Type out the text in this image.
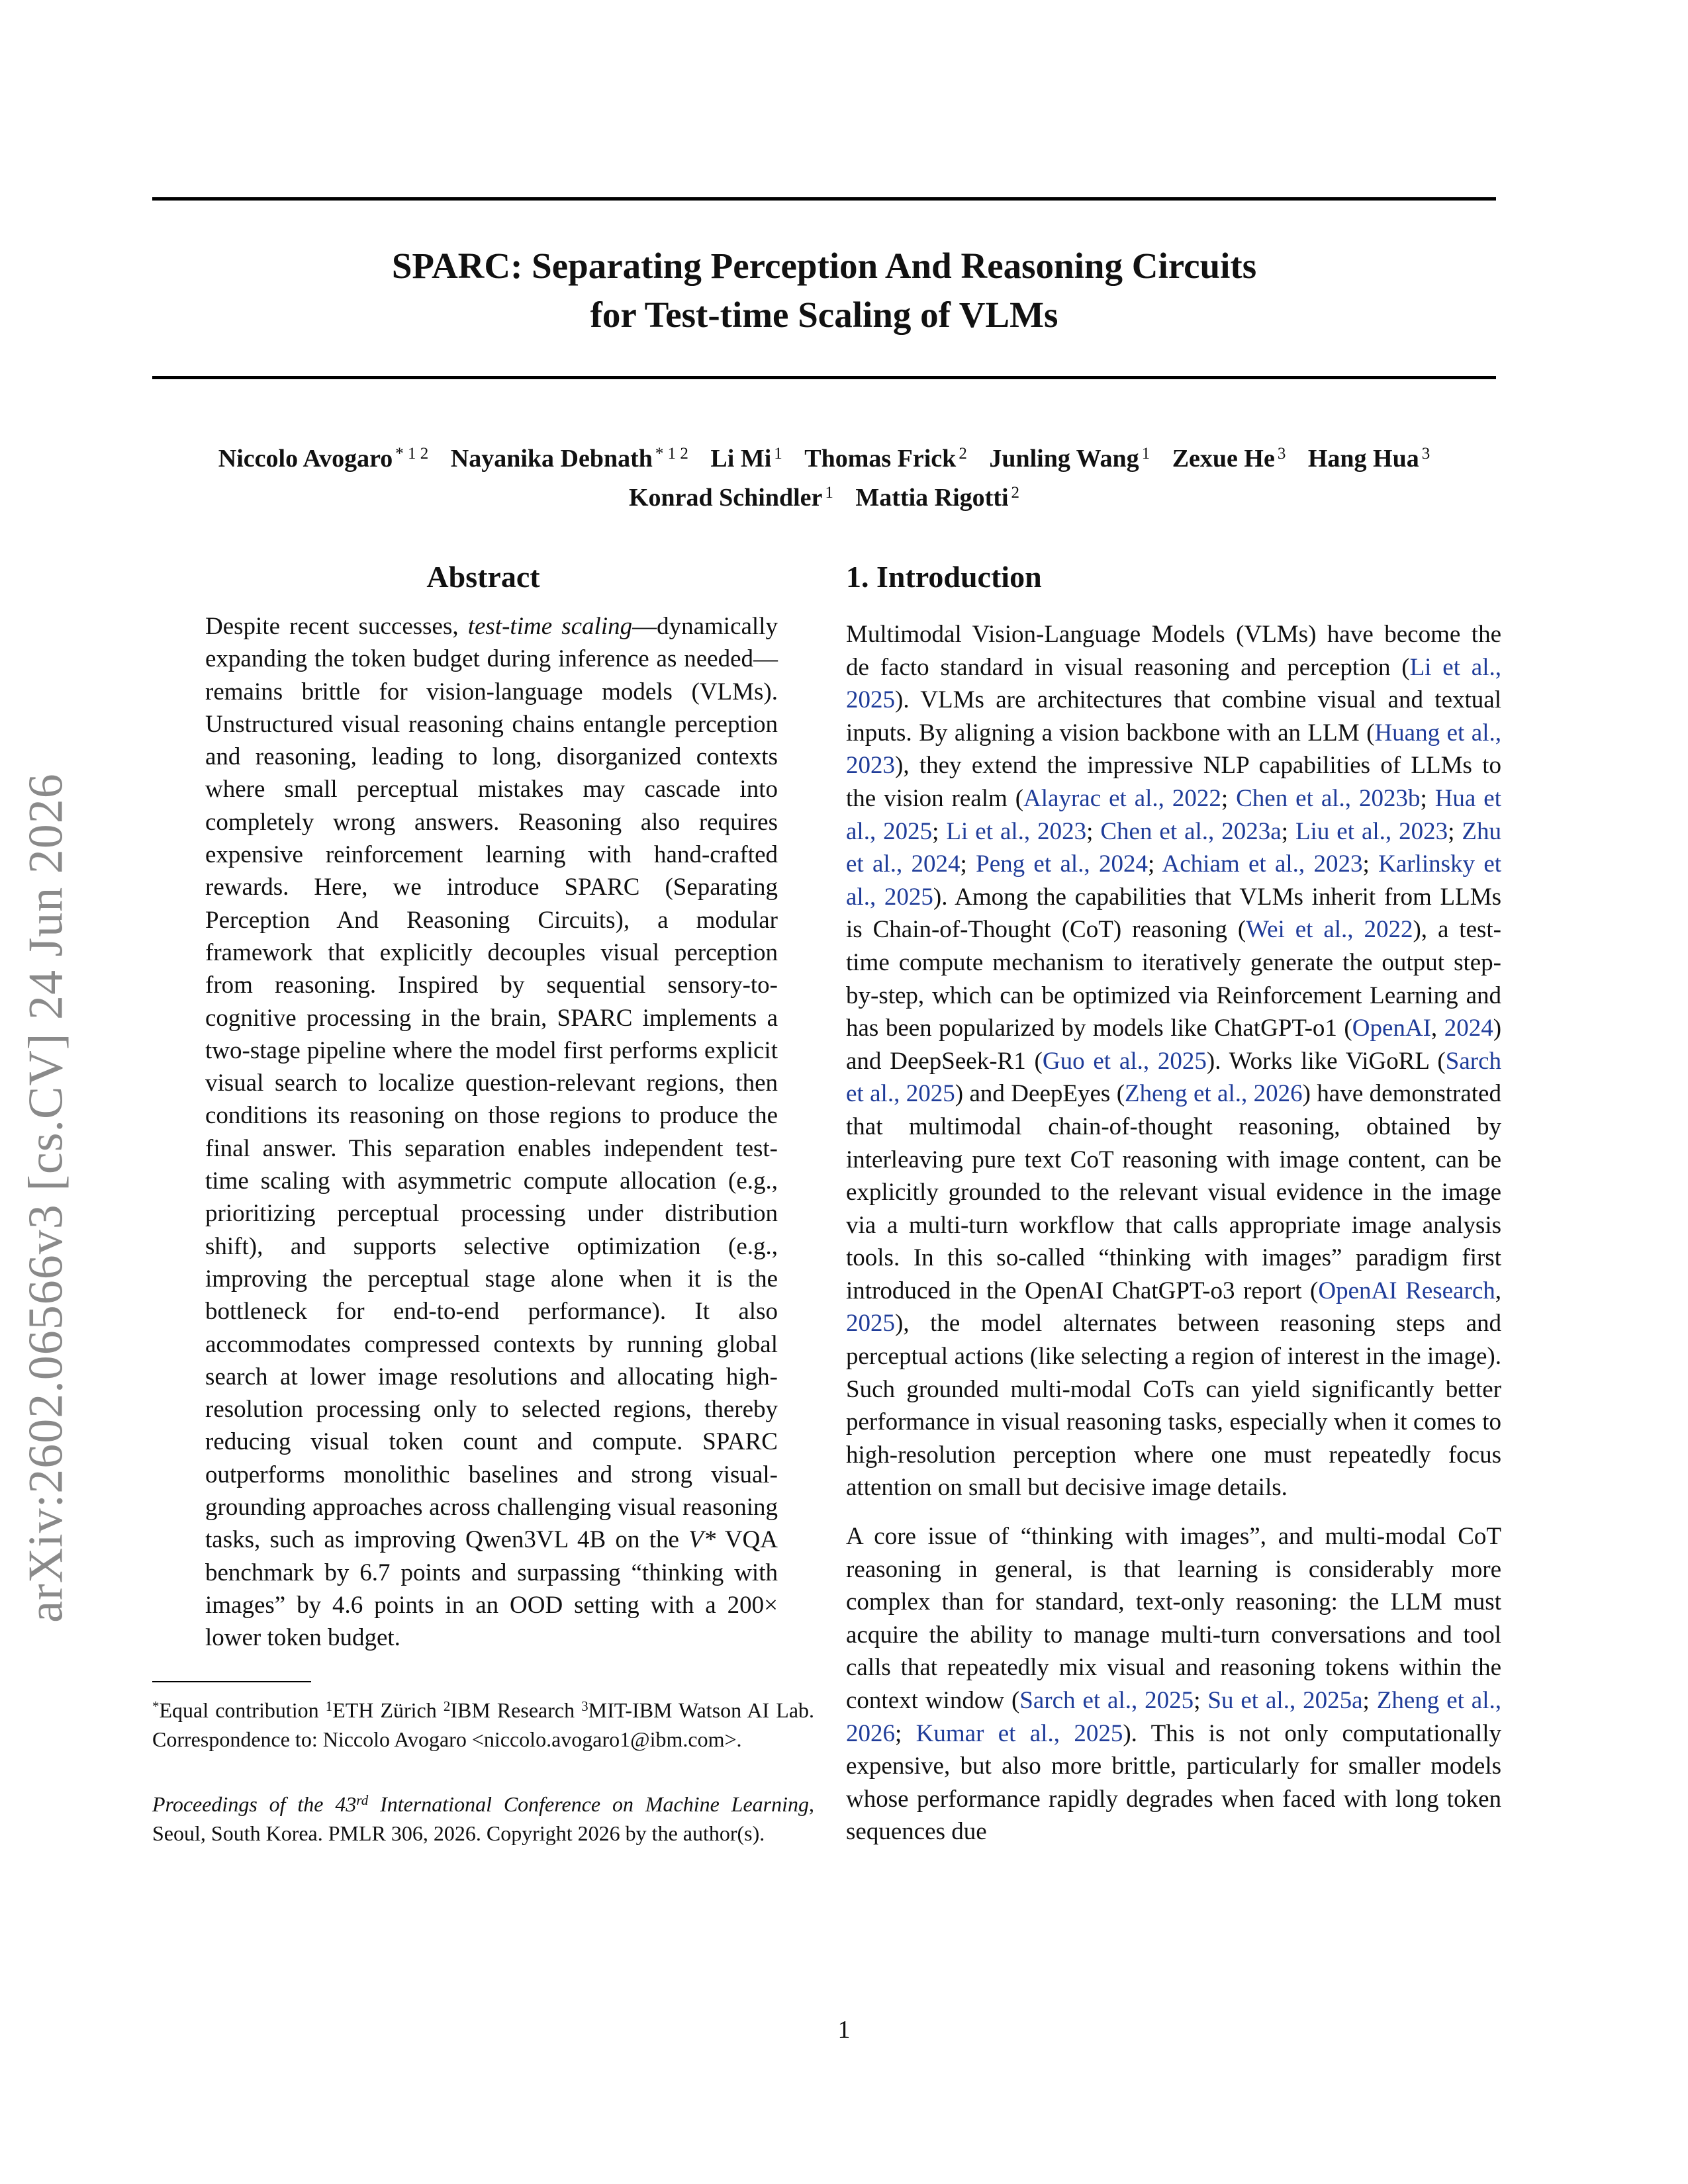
SPARC: Separating Perception And Reasoning Circuits
for Test-time Scaling of VLMs
Niccolo Avogaro $^{* 1 2}$ Nayanika Debnath $^{* 1 2}$ Li Mi $^1$ Thomas Frick $^2$ Junling Wang $^1$ Zexue He $^3$ Hang Hua $^3$
Konrad Schindler $^1$ Mattia Rigotti $^2$
arXiv:2602.06566v3 [cs.CV] 24 Jun 2026
Abstract

Despite recent successes, test-time scaling—dynamically expanding the token budget during inference as needed—remains brittle for vision-language models (VLMs). Unstructured visual reasoning chains entangle perception and reasoning, leading to long, disorganized contexts where small perceptual mistakes may cascade into completely wrong answers. Reasoning also requires expensive reinforcement learning with hand-crafted rewards. Here, we introduce SPARC (Separating Perception And Reasoning Circuits), a modular framework that explicitly decouples visual perception from reasoning. Inspired by sequential sensory-to-cognitive processing in the brain, SPARC implements a two-stage pipeline where the model first performs explicit visual search to localize question-relevant regions, then conditions its reasoning on those regions to produce the final answer. This separation enables independent test-time scaling with asymmetric compute allocation (e.g., prioritizing perceptual processing under distribution shift), and supports selective optimization (e.g., improving the perceptual stage alone when it is the bottleneck for end-to-end performance). It also accommodates compressed contexts by running global search at lower image resolutions and allocating high-resolution processing only to selected regions, thereby reducing visual token count and compute. SPARC outperforms monolithic baselines and strong visual-grounding approaches across challenging visual reasoning tasks, such as improving Qwen3VL 4B on the V* VQA benchmark by 6.7 points and surpassing “thinking with images” by 4.6 points in an OOD setting with a 200× lower token budget.

*Equal contribution $^1$ETH Zürich $^2$IBM Research $^3$MIT-IBM Watson AI Lab. Correspondence to: Niccolo Avogaro <niccolo.avogaro1@ibm.com>.

Proceedings of the 43rd International Conference on Machine Learning, Seoul, South Korea. PMLR 306, 2026. Copyright 2026 by the author(s).

1. Introduction

Multimodal Vision-Language Models (VLMs) have become the de facto standard in visual reasoning and perception (Li et al., 2025). VLMs are architectures that combine visual and textual inputs. By aligning a vision backbone with an LLM (Huang et al., 2023), they extend the impressive NLP capabilities of LLMs to the vision realm (Alayrac et al., 2022; Chen et al., 2023b; Hua et al., 2025; Li et al., 2023; Chen et al., 2023a; Liu et al., 2023; Zhu et al., 2024; Peng et al., 2024; Achiam et al., 2023; Karlinsky et al., 2025). Among the capabilities that VLMs inherit from LLMs is Chain-of-Thought (CoT) reasoning (Wei et al., 2022), a test-time compute mechanism to iteratively generate the output step-by-step, which can be optimized via Reinforcement Learning and has been popularized by models like ChatGPT-o1 (OpenAI, 2024) and DeepSeek-R1 (Guo et al., 2025). Works like ViGoRL (Sarch et al., 2025) and DeepEyes (Zheng et al., 2026) have demonstrated that multimodal chain-of-thought reasoning, obtained by interleaving pure text CoT reasoning with image content, can be explicitly grounded to the relevant visual evidence in the image via a multi-turn workflow that calls appropriate image analysis tools. In this so-called “thinking with images” paradigm first introduced in the OpenAI ChatGPT-o3 report (OpenAI Research, 2025), the model alternates between reasoning steps and perceptual actions (like selecting a region of interest in the image). Such grounded multi-modal CoTs can yield significantly better performance in visual reasoning tasks, especially when it comes to high-resolution perception where one must repeatedly focus attention on small but decisive image details.

A core issue of “thinking with images”, and multi-modal CoT reasoning in general, is that learning is considerably more complex than for standard, text-only reasoning: the LLM must acquire the ability to manage multi-turn conversations and tool calls that repeatedly mix visual and reasoning tokens within the context window (Sarch et al., 2025; Su et al., 2025a; Zheng et al., 2026; Kumar et al., 2025). This is not only computationally expensive, but also more brittle, particularly for smaller models whose performance rapidly degrades when faced with long token sequences due

1
